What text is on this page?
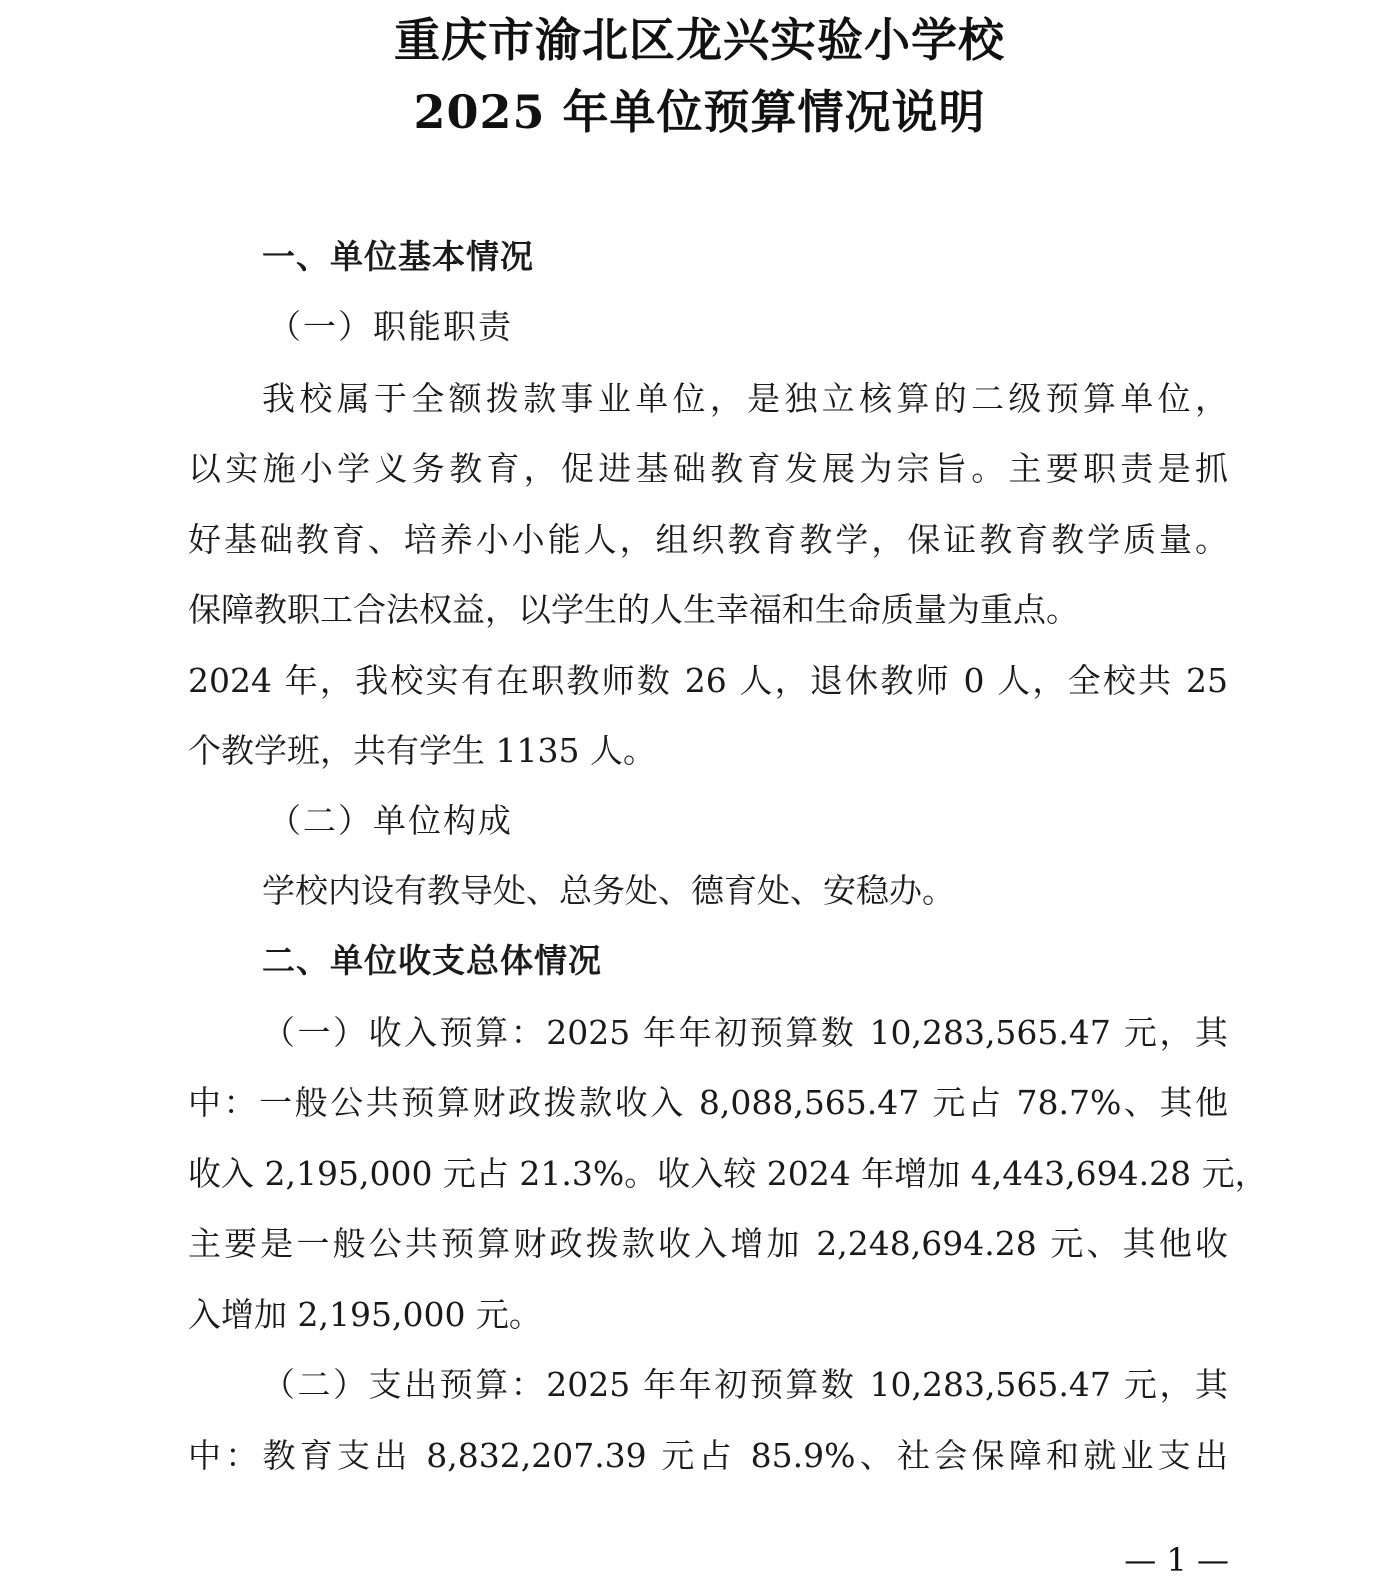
重庆市渝北区龙兴实验小学校
2025 年单位预算情况说明
一、单位基本情况
（一）职能职责
我校属于全额拨款事业单位，是独立核算的二级预算单位，
以实施小学义务教育，促进基础教育发展为宗旨。主要职责是抓
好基础教育、培养小小能人，组织教育教学，保证教育教学质量。
保障教职工合法权益，以学生的人生幸福和生命质量为重点。
2024 年，我校实有在职教师数 26 人，退休教师 0 人，全校共 25
个教学班，共有学生 1135 人。
（二）单位构成
学校内设有教导处、总务处、德育处、安稳办。
二、单位收支总体情况
（一）收入预算：2025 年年初预算数 10,283,565.47 元，其
中：一般公共预算财政拨款收入 8,088,565.47 元占 78.7%、其他
收入 2,195,000 元占 21.3%。收入较 2024 年增加 4,443,694.28 元，
主要是一般公共预算财政拨款收入增加 2,248,694.28 元、其他收
入增加 2,195,000 元。
（二）支出预算：2025 年年初预算数 10,283,565.47 元，其
中：教育支出 8,832,207.39 元占 85.9%、社会保障和就业支出
— 1 —
